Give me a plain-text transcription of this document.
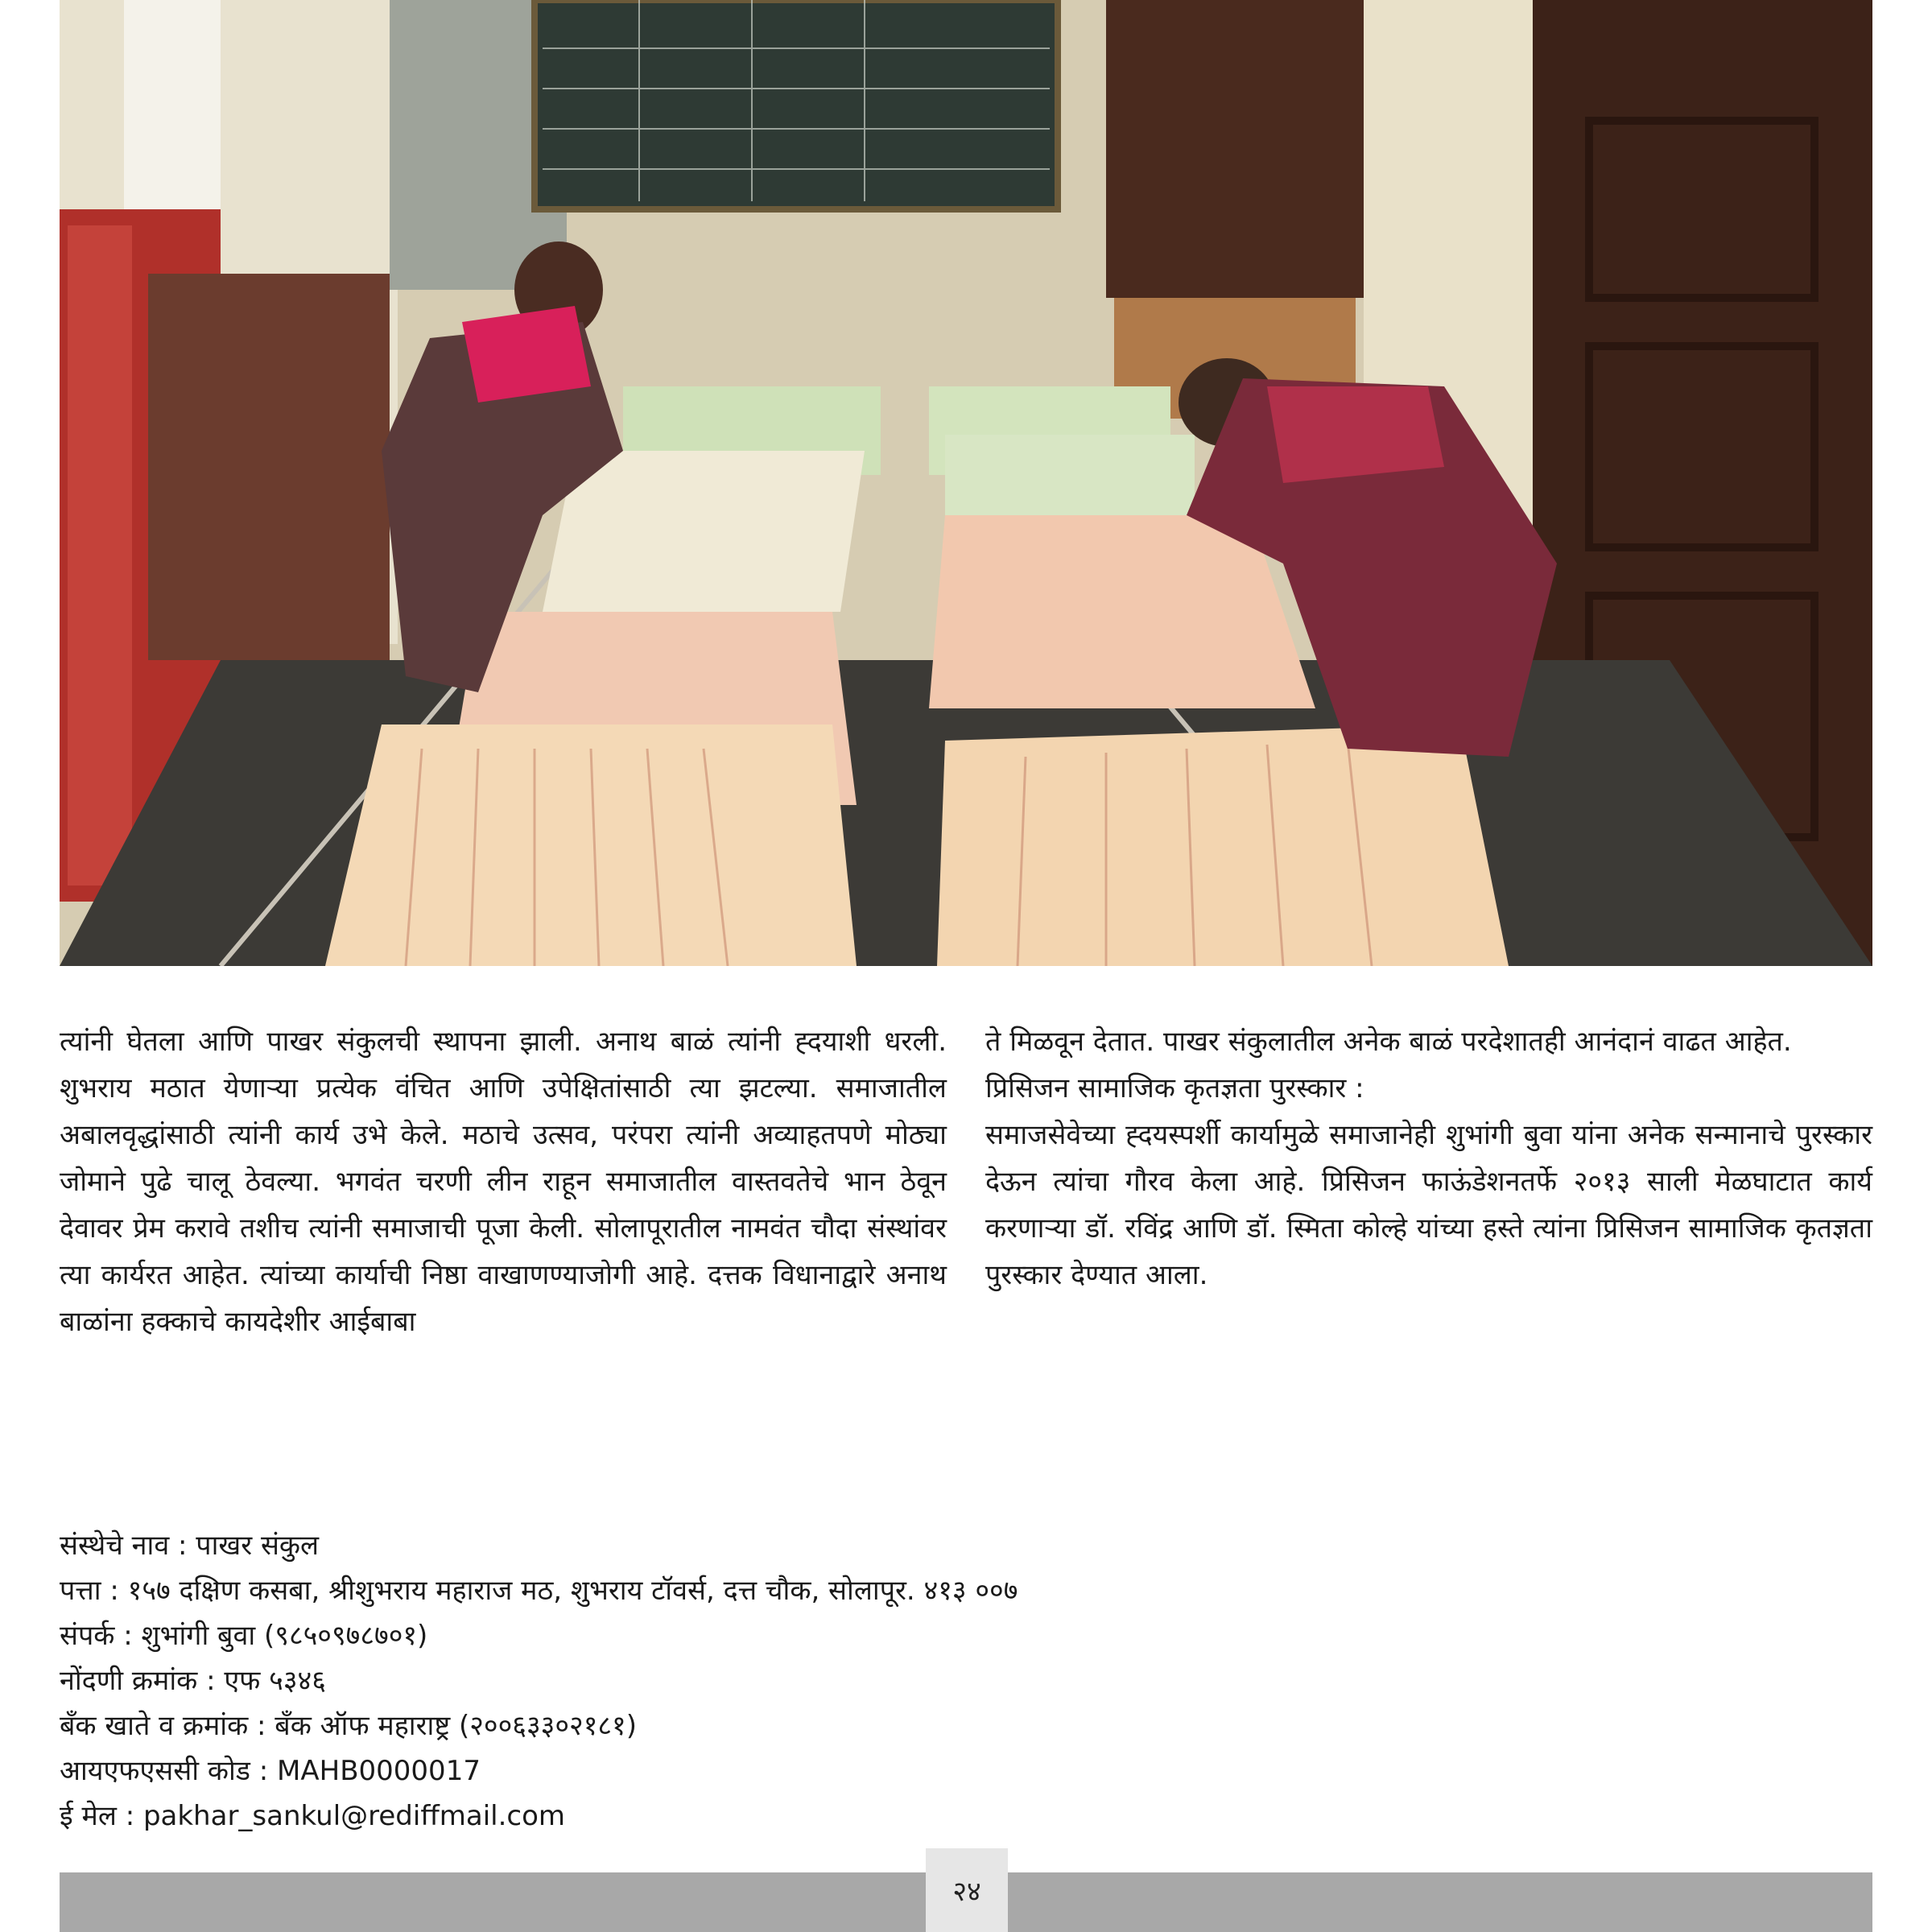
त्यांनी घेतला आणि पाखर संकुलची स्थापना झाली. अनाथ बाळं त्यांनी ह्दयाशी धरली. शुभराय मठात येणाऱ्या प्रत्येक वंचित आणि उपेक्षितांसाठी त्या झटल्या. समाजातील अबालवृद्धांसाठी त्यांनी कार्य उभे केले. मठाचे उत्सव, परंपरा त्यांनी अव्याहतपणे मोठ्या जोमाने पुढे चालू ठेवल्या. भगवंत चरणी लीन राहून समाजातील वास्तवतेचे भान ठेवून देवावर प्रेम करावे तशीच त्यांनी समाजाची पूजा केली. सोलापूरातील नामवंत चौदा संस्थांवर त्या कार्यरत आहेत. त्यांच्या कार्याची निष्ठा वाखाणण्याजोगी आहे. दत्तक विधानाद्वारे अनाथ बाळांना हक्काचे कायदेशीर आईबाबा

ते मिळवून देतात. पाखर संकुलातील अनेक बाळं परदेशातही आनंदानं वाढत आहेत.

प्रिसिजन सामाजिक कृतज्ञता पुरस्कार :

समाजसेवेच्या ह्दयस्पर्शी कार्यामुळे समाजानेही शुभांगी बुवा यांना अनेक सन्मानाचे पुरस्कार देऊन त्यांचा गौरव केला आहे. प्रिसिजन फाऊंडेशनतर्फे २०१३ साली मेळघाटात कार्य करणाऱ्या डॉ. रविंद्र आणि डॉ. स्मिता कोल्हे यांच्या हस्ते त्यांना प्रिसिजन सामाजिक कृतज्ञता पुरस्कार देण्यात आला.

संस्थेचे नाव : पाखर संकुल
पत्ता : १५७ दक्षिण कसबा, श्रीशुभराय महाराज मठ, शुभराय टॉवर्स, दत्त चौक, सोलापूर. ४१३ ००७
संपर्क : शुभांगी बुवा (९८५०९७८७०१)
नोंदणी क्रमांक : एफ ५३४६
बँक खाते व क्रमांक : बँक ऑफ महाराष्ट्र (२००६३३०२१८१)
आयएफएससी कोड : MAHB0000017
ई मेल : pakhar_sankul@rediffmail.com
२४
